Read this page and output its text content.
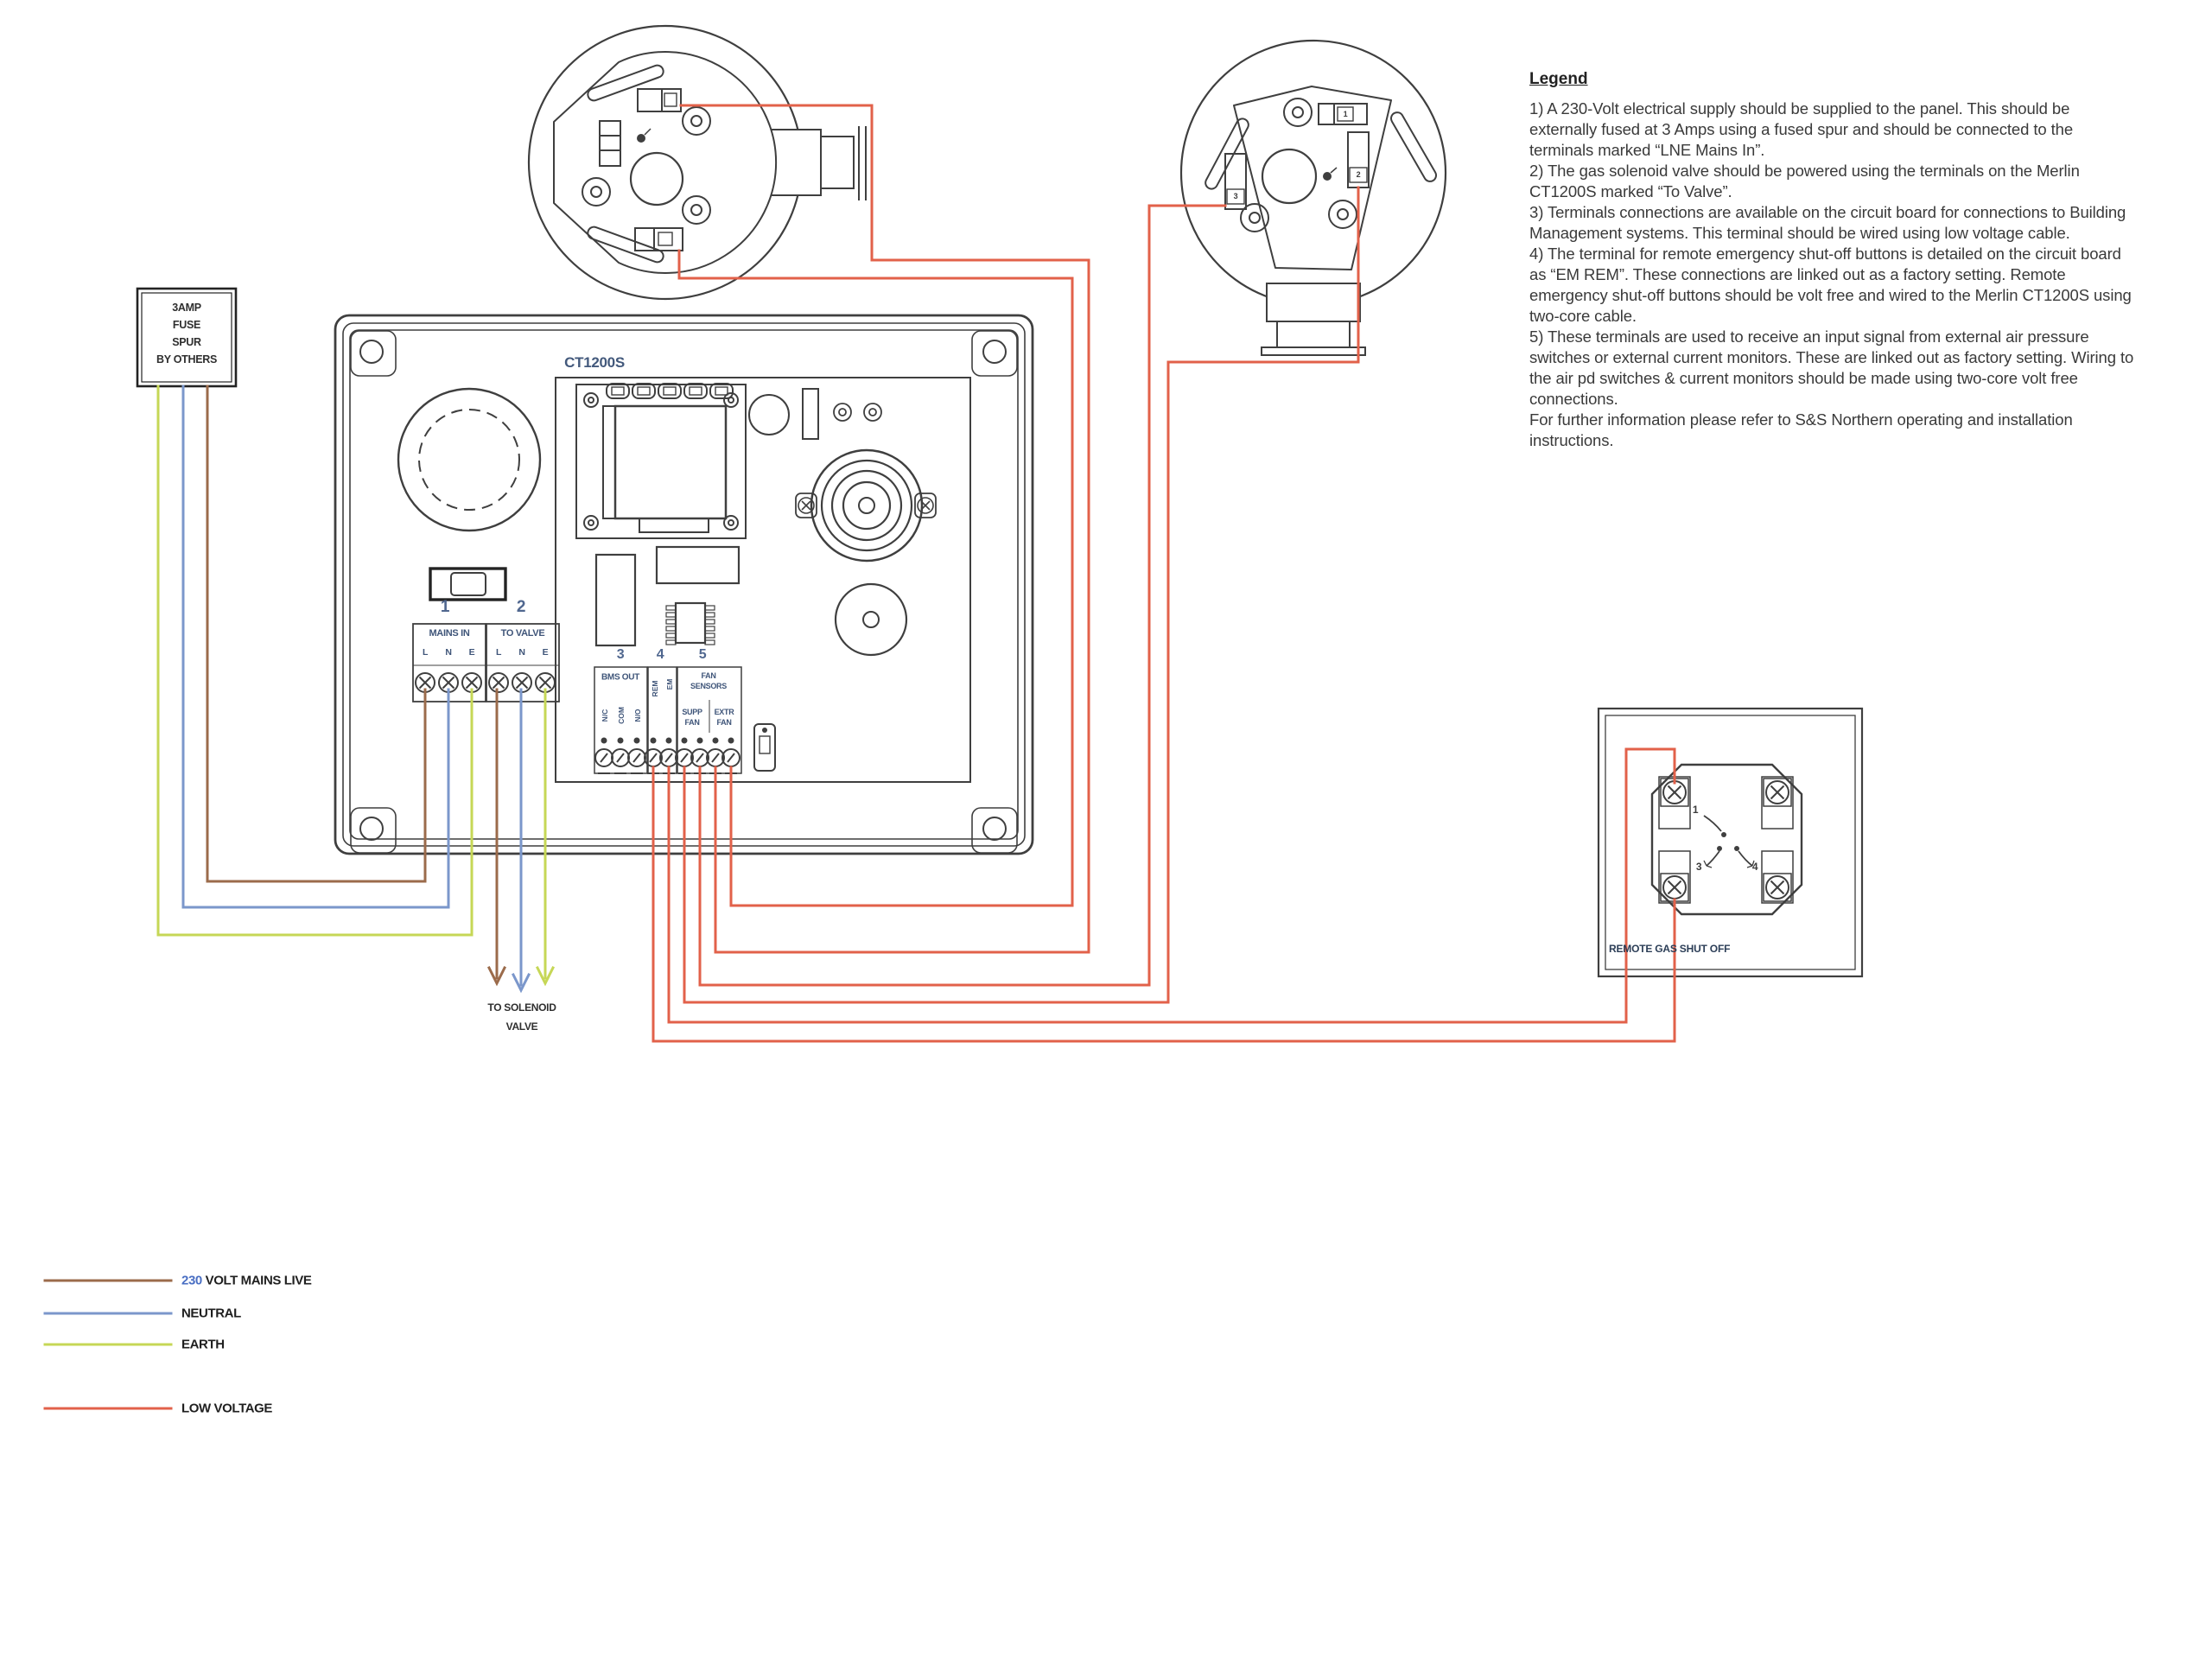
3AMP
FUSE
SPUR
BY OTHERS	CT1200S
1	2
MAINS IN
L N E
TO VALVE
L N E	3 4	5
BMS OUT
N/C COM N/O
REM EM
FAN
SENSORS
SUPP
FAN
EXTR
FAN
TO SOLENOID
VALVE
1
2
3
1
3	4
REMOTE GAS SHUT OFF
230 VOLT MAINS LIVE
NEUTRAL
EARTH
LOW VOLTAGE
Legend

1) A 230-Volt electrical supply should be supplied to the panel. This should be externally fused at 3 Amps using a fused spur and should be connected to the terminals marked “LNE Mains In”.

2) The gas solenoid valve should be powered using the terminals on the Merlin CT1200S marked “To Valve”.

3) Terminals connections are available on the circuit board for connections to Building Management systems. This terminal should be wired using low voltage cable.

4) The terminal for remote emergency shut-off buttons is detailed on the circuit board as “EM REM”. These connections are linked out as a factory setting. Remote emergency shut-off buttons should be volt free and wired to the Merlin CT1200S using two-core cable.

5) These terminals are used to receive an input signal from external air pressure switches or external current monitors. These are linked out as factory setting. Wiring to the air pd switches & current monitors should be made using two-core volt free connections.

For further information please refer to S&S Northern operating and installation instructions.
